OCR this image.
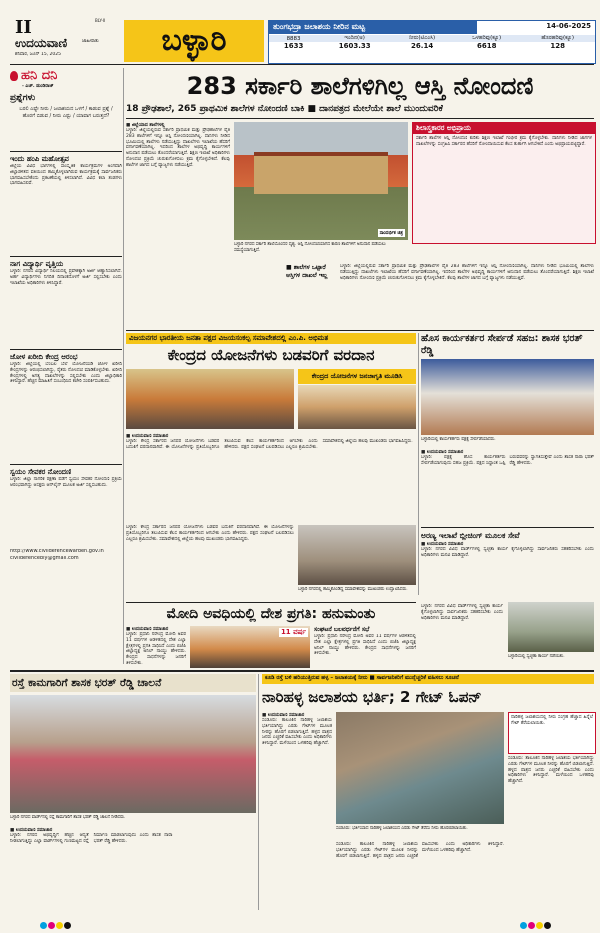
II	BLY-II
ಉದಯವಾಣಿ	ಜಾಹೀರಾತು
ಶನಿವಾರ, ಜೂನ್ 15, 2025	ಬಳ್ಳಾರಿ	ತುಂಗಭದ್ರಾ ಜಲಾಶಯ ನೀರಿನ ಮಟ್ಟ	14-06-2025
8883	ಇಂದಿನ(ಅ)	ನೀರು(ಟಿಎಂಸಿ)	ಒಳಹರಿವು(ಕ್ಯೂ)	ಹೊರಹರಿವು(ಕ್ಯೂ)
1633	1603.33	26.14	6618	128
ಹನಿ ದನಿ
- ಎಚ್. ಡುಂಡಿರಾಜ್
ಪ್ರಶ್ನೆಗಳು
ಬರಲಿ ಎಷ್ಟೇ ನೀರು / ಜಲಾಶಯದ ಒಳಗೆ / ಕಾಡುವ ಪ್ರಶ್ನೆ / ಹೊರಗೆ ಬಿಡುವ / ನೀರು ಎಷ್ಟು / ಯಾವಾಗ ಬರುತ್ತದೆ?
ಇಂದು ಹಂಪಿ ಮಹೋತ್ಸವ
ಜಿಲ್ಲೆಯ ವಿವಿಧ ಭಾಗಗಳಲ್ಲಿ ಸಾಂಸ್ಕೃತಿಕ ಕಾರ್ಯಕ್ರಮಗಳ ಅಂಗವಾಗಿ ಜಿಲ್ಲಾಡಳಿತದ ವತಿಯಿಂದ ಹಮ್ಮಿಕೊಳ್ಳಲಾಗಿರುವ ಕಾರ್ಯಕ್ರಮಕ್ಕೆ ಸಾರ್ವಜನಿಕರು ಭಾಗವಹಿಸಬೇಕೆಂದು ಪ್ರಕಟಣೆಯಲ್ಲಿ ತಿಳಿಸಲಾಗಿದೆ. ವಿವಿಧ ಕಲಾ ತಂಡಗಳು ಭಾಗವಹಿಸಲಿವೆ.
ನಾಗ ವಿದ್ಯಾರ್ಥಿ ವೃತ್ತಿಯ
ಬಳ್ಳಾರಿ: ನಗರದ ವಿದ್ಯಾರ್ಥಿ ನಿಲಯದಲ್ಲಿ ಪ್ರವೇಶಕ್ಕಾಗಿ ಅರ್ಜಿ ಆಹ್ವಾನಿಸಲಾಗಿದೆ. ಅರ್ಹ ವಿದ್ಯಾರ್ಥಿಗಳು ನಿಗದಿತ ದಿನಾಂಕದೊಳಗೆ ಅರ್ಜಿ ಸಲ್ಲಿಸಬೇಕು ಎಂದು ಇಲಾಖೆಯ ಅಧಿಕಾರಿಗಳು ತಿಳಿಸಿದ್ದಾರೆ.
ಜೋಳ ಖರೀದಿ ಕೇಂದ್ರ ಆರಂಭ
ಬಳ್ಳಾರಿ: ಜಿಲ್ಲೆಯಲ್ಲಿ ಬೆಂಬಲ ಬೆಲೆ ಯೋಜನೆಯಡಿ ಜೋಳ ಖರೀದಿ ಕೇಂದ್ರಗಳನ್ನು ಆರಂಭಿಸಲಾಗಿದ್ದು, ರೈತರು ನೋಂದಣಿ ಮಾಡಿಕೊಳ್ಳಬೇಕು. ಖರೀದಿ ಕೇಂದ್ರಗಳಲ್ಲಿ ಅಗತ್ಯ ದಾಖಲೆಗಳನ್ನು ಸಲ್ಲಿಸಬೇಕು ಎಂದು ಜಿಲ್ಲಾಧಿಕಾರಿ ತಿಳಿಸಿದ್ದಾರೆ. ಹೆಚ್ಚಿನ ಮಾಹಿತಿಗೆ ಸಂಬಂಧಿಸಿದ ಕಚೇರಿ ಸಂಪರ್ಕಿಸಬಹುದು.
ಸ್ವಯಂ ಸೇವಕರ ನೋಂದಣಿ
ಬಳ್ಳಾರಿ: ಜಿಲ್ಲಾ ನಾಗರಿಕ ರಕ್ಷಣಾ ಪಡೆಗೆ ಸ್ವಯಂ ಸೇವಕರ ನೋಂದಣಿ ಪ್ರಕ್ರಿಯೆ ಆರಂಭವಾಗಿದ್ದು ಆಸಕ್ತರು ಆನ್‌ಲೈನ್ ಮೂಲಕ ಅರ್ಜಿ ಸಲ್ಲಿಸಬಹುದು.
http://www.civildefencewarden.gov.in
civildefencebly@gmail.com
283 ಸರ್ಕಾರಿ ಶಾಲೆಗಳಿಗಿಲ್ಲ ಆಸ್ತಿ ನೋಂದಣಿ
18 ಪ್ರೌಢಶಾಲೆ, 265 ಪ್ರಾಥಮಿಕ ಶಾಲೆಗಳ ನೋಂದಣಿ ಬಾಕಿ ■ ದಾನಪತ್ರದ ಮೇಲೆಯೇ ಶಾಲೆ ಮುಂದುವರಿಕೆ
■ ಜಿಲ್ಲೆಯಾದ ಶಾಲೆಗಳಲ್ಲಿ
ಬಳ್ಳಾರಿ: ಜಿಲ್ಲೆಯಲ್ಲಿರುವ ಸರ್ಕಾರಿ ಪ್ರಾಥಮಿಕ ಮತ್ತು ಪ್ರೌಢಶಾಲೆಗಳ ಪೈಕಿ 283 ಶಾಲೆಗಳಿಗೆ ಇನ್ನೂ ಆಸ್ತಿ ನೋಂದಣಿಯಾಗಿಲ್ಲ. ದಾನಿಗಳು ನೀಡಿದ ಭೂಮಿಯಲ್ಲಿ ಶಾಲೆಗಳು ನಡೆಯುತ್ತಿದ್ದು ದಾಖಲೆಗಳು ಇಲಾಖೆಯ ಹೆಸರಿಗೆ ವರ್ಗಾವಣೆಯಾಗಿಲ್ಲ. ಇದರಿಂದ ಶಾಲೆಗಳ ಅಭಿವೃದ್ಧಿ ಕಾರ್ಯಗಳಿಗೆ ಅನುದಾನ ಪಡೆಯಲು ತೊಂದರೆಯಾಗುತ್ತಿದೆ. ಶಿಕ್ಷಣ ಇಲಾಖೆ ಅಧಿಕಾರಿಗಳು ನೋಂದಣಿ ಪ್ರಕ್ರಿಯೆ ಚುರುಕುಗೊಳಿಸಲು ಕ್ರಮ ಕೈಗೊಳ್ಳಬೇಕಿದೆ. ಕೆಲವು ಶಾಲೆಗಳ ಜಾಗದ ಬಗ್ಗೆ ವ್ಯಾಜ್ಯಗಳು ನಡೆಯುತ್ತಿವೆ.
ಸಾಂದರ್ಭಿಕ ಚಿತ್ರ
ಬಳ್ಳಾರಿ ನಗರದ ಸರ್ಕಾರಿ ಶಾಲೆಯೊಂದರ ದೃಶ್ಯ. ಆಸ್ತಿ ನೋಂದಣಿಯಾಗದ ಕಾರಣ ಶಾಲೆಗಳಿಗೆ ಅನುದಾನ ಪಡೆಯಲು ಸಮಸ್ಯೆಯಾಗುತ್ತಿದೆ.
ಶಿಲಾಸ್ತ್ರಕಾರರ ಅಭಿಪ್ರಾಯ
ಸರ್ಕಾರಿ ಶಾಲೆಗಳ ಆಸ್ತಿ ನೋಂದಣಿ ಕುರಿತು ಶಿಕ್ಷಣ ಇಲಾಖೆ ಗಂಭೀರ ಕ್ರಮ ಕೈಗೊಳ್ಳಬೇಕು. ದಾನಿಗಳು ನೀಡಿದ ಜಾಗಗಳ ದಾಖಲೆಗಳನ್ನು ಸಂಗ್ರಹಿಸಿ ಸರ್ಕಾರದ ಹೆಸರಿಗೆ ನೋಂದಾಯಿಸುವ ಕೆಲಸ ತುರ್ತಾಗಿ ಆಗಬೇಕಿದೆ ಎಂದು ಅಭಿಪ್ರಾಯಪಟ್ಟಿದ್ದಾರೆ.
■ ಶಾಲೆಗಳ ಒಟ್ಟಾರೆ ಆಸ್ತಿಗಳ ದಾಖಲೆ ಇಲ್ಲ
ಬಳ್ಳಾರಿ: ಜಿಲ್ಲೆಯಲ್ಲಿರುವ ಸರ್ಕಾರಿ ಪ್ರಾಥಮಿಕ ಮತ್ತು ಪ್ರೌಢಶಾಲೆಗಳ ಪೈಕಿ 283 ಶಾಲೆಗಳಿಗೆ ಇನ್ನೂ ಆಸ್ತಿ ನೋಂದಣಿಯಾಗಿಲ್ಲ. ದಾನಿಗಳು ನೀಡಿದ ಭೂಮಿಯಲ್ಲಿ ಶಾಲೆಗಳು ನಡೆಯುತ್ತಿದ್ದು ದಾಖಲೆಗಳು ಇಲಾಖೆಯ ಹೆಸರಿಗೆ ವರ್ಗಾವಣೆಯಾಗಿಲ್ಲ. ಇದರಿಂದ ಶಾಲೆಗಳ ಅಭಿವೃದ್ಧಿ ಕಾರ್ಯಗಳಿಗೆ ಅನುದಾನ ಪಡೆಯಲು ತೊಂದರೆಯಾಗುತ್ತಿದೆ. ಶಿಕ್ಷಣ ಇಲಾಖೆ ಅಧಿಕಾರಿಗಳು ನೋಂದಣಿ ಪ್ರಕ್ರಿಯೆ ಚುರುಕುಗೊಳಿಸಲು ಕ್ರಮ ಕೈಗೊಳ್ಳಬೇಕಿದೆ. ಕೆಲವು ಶಾಲೆಗಳ ಜಾಗದ ಬಗ್ಗೆ ವ್ಯಾಜ್ಯಗಳು ನಡೆಯುತ್ತಿವೆ.
ವಿಜಯನಗರ ಭಾರತೀಯ ಜನತಾ ಪಕ್ಷದ ವಿಜಯಸಂಕಲ್ಪ ಸಮಾವೇಶದಲ್ಲಿ ಎಂ.ಪಿ. ಅಭಿಮತ
ಕೇಂದ್ರದ ಯೋಜನೆಗಳು ಬಡವರಿಗೆ ವರದಾನ
ಕೇಂದ್ರದ ಯೋಜನೆಗಳ ಜನಜಾಗೃತಿ ಮೂಡಿಸಿ
■ ಉದಯವಾಣಿ ಸಮಾಚಾರ
ಬಳ್ಳಾರಿ: ಕೇಂದ್ರ ಸರ್ಕಾರದ ಜನಪರ ಯೋಜನೆಗಳು ಬಡವರ ಬದುಕಿಗೆ ವರದಾನವಾಗಿವೆ. ಈ ಯೋಜನೆಗಳನ್ನು ಪ್ರತಿಯೊಬ್ಬರಿಗೂ ತಲುಪಿಸುವ ಕೆಲಸ ಕಾರ್ಯಕರ್ತರಿಂದ ಆಗಬೇಕು ಎಂದು ಹೇಳಿದರು. ಪಕ್ಷದ ಸಂಘಟನೆ ಬಲಪಡಿಸಲು ಎಲ್ಲರೂ ಶ್ರಮಿಸಬೇಕು. ಸಮಾವೇಶದಲ್ಲಿ ಜಿಲ್ಲೆಯ ಹಲವು ಮುಖಂಡರು ಭಾಗವಹಿಸಿದ್ದರು.
ಬಳ್ಳಾರಿ ನಗರದಲ್ಲಿ ಹಮ್ಮಿಕೊಂಡಿದ್ದ ಸಮಾವೇಶವನ್ನು ಮುಖಂಡರು ಉದ್ಘಾಟಿಸಿದರು.
ಬಳ್ಳಾರಿ: ಕೇಂದ್ರ ಸರ್ಕಾರದ ಜನಪರ ಯೋಜನೆಗಳು ಬಡವರ ಬದುಕಿಗೆ ವರದಾನವಾಗಿವೆ. ಈ ಯೋಜನೆಗಳನ್ನು ಪ್ರತಿಯೊಬ್ಬರಿಗೂ ತಲುಪಿಸುವ ಕೆಲಸ ಕಾರ್ಯಕರ್ತರಿಂದ ಆಗಬೇಕು ಎಂದು ಹೇಳಿದರು. ಪಕ್ಷದ ಸಂಘಟನೆ ಬಲಪಡಿಸಲು ಎಲ್ಲರೂ ಶ್ರಮಿಸಬೇಕು. ಸಮಾವೇಶದಲ್ಲಿ ಜಿಲ್ಲೆಯ ಹಲವು ಮುಖಂಡರು ಭಾಗವಹಿಸಿದ್ದರು.
ಹೊಸ ಕಾರ್ಯಕರ್ತರ ಸೇರ್ಪಡೆ ಸಹಜ: ಶಾಸಕ ಭರತ್ ರೆಡ್ಡಿ
ಬಳ್ಳಾರಿಯಲ್ಲಿ ಕಾರ್ಯಕರ್ತರು ಪಕ್ಷಕ್ಕೆ ಸೇರ್ಪಡೆಯಾದರು.
■ ಉದಯವಾಣಿ ಸಮಾಚಾರ
ಬಳ್ಳಾರಿ: ಪಕ್ಷಕ್ಕೆ ಹೊಸ ಕಾರ್ಯಕರ್ತರು ಸೇರ್ಪಡೆಯಾಗುವುದು ಸಹಜ ಪ್ರಕ್ರಿಯೆ. ಪಕ್ಷದ ಸಿದ್ಧಾಂತ ಒಪ್ಪಿ ಬರುವವರನ್ನು ಸ್ವಾಗತಿಸುತ್ತೇವೆ ಎಂದು ಶಾಸಕ ನಾರಾ ಭರತ್ ರೆಡ್ಡಿ ಹೇಳಿದರು.
ಅರಣ್ಯ ಇಲಾಖೆ ಬ್ಲೀಚಿಂಗ್ ಮೂಲಕ ಸೇವೆ
■ ಉದಯವಾಣಿ ಸಮಾಚಾರ
ಬಳ್ಳಾರಿ: ನಗರದ ವಿವಿಧ ವಾರ್ಡ್‌ಗಳಲ್ಲಿ ಸ್ವಚ್ಛತಾ ಕಾರ್ಯ ಕೈಗೊಳ್ಳಲಾಗಿದ್ದು ಸಾರ್ವಜನಿಕರು ಸಹಕರಿಸಬೇಕು ಎಂದು ಅಧಿಕಾರಿಗಳು ಮನವಿ ಮಾಡಿದ್ದಾರೆ.
ಮೋದಿ ಅವಧಿಯಲ್ಲಿ ದೇಶ ಪ್ರಗತಿ: ಹನುಮಂತು
■ ಉದಯವಾಣಿ ಸಮಾಚಾರ
ಬಳ್ಳಾರಿ: ಪ್ರಧಾನಿ ನರೇಂದ್ರ ಮೋದಿ ಅವರ 11 ವರ್ಷಗಳ ಆಡಳಿತದಲ್ಲಿ ದೇಶ ಎಲ್ಲಾ ಕ್ಷೇತ್ರಗಳಲ್ಲಿ ಪ್ರಗತಿ ಸಾಧಿಸಿದೆ ಎಂದು ಬಿಜೆಪಿ ಜಿಲ್ಲಾಧ್ಯಕ್ಷ ಅನಿಲ್ ನಾಯ್ಡು ಹೇಳಿದರು. ಕೇಂದ್ರದ ಸಾಧನೆಗಳನ್ನು ಜನರಿಗೆ ತಿಳಿಸಬೇಕು.
11 ವರ್ಷ	ಸಂಘಟನೆ ಬಲವರ್ಧನೆಗೆ ಸಭೆ
ಬಳ್ಳಾರಿ: ಪ್ರಧಾನಿ ನರೇಂದ್ರ ಮೋದಿ ಅವರ 11 ವರ್ಷಗಳ ಆಡಳಿತದಲ್ಲಿ ದೇಶ ಎಲ್ಲಾ ಕ್ಷೇತ್ರಗಳಲ್ಲಿ ಪ್ರಗತಿ ಸಾಧಿಸಿದೆ ಎಂದು ಬಿಜೆಪಿ ಜಿಲ್ಲಾಧ್ಯಕ್ಷ ಅನಿಲ್ ನಾಯ್ಡು ಹೇಳಿದರು. ಕೇಂದ್ರದ ಸಾಧನೆಗಳನ್ನು ಜನರಿಗೆ ತಿಳಿಸಬೇಕು.
ಬಳ್ಳಾರಿಯಲ್ಲಿ ಸ್ವಚ್ಛತಾ ಕಾರ್ಯ ನಡೆಯಿತು.
ಬಳ್ಳಾರಿ: ನಗರದ ವಿವಿಧ ವಾರ್ಡ್‌ಗಳಲ್ಲಿ ಸ್ವಚ್ಛತಾ ಕಾರ್ಯ ಕೈಗೊಳ್ಳಲಾಗಿದ್ದು ಸಾರ್ವಜನಿಕರು ಸಹಕರಿಸಬೇಕು ಎಂದು ಅಧಿಕಾರಿಗಳು ಮನವಿ ಮಾಡಿದ್ದಾರೆ.
ರಸ್ತೆ ಕಾಮಗಾರಿಗೆ ಶಾಸಕ ಭರತ್ ರೆಡ್ಡಿ ಚಾಲನೆ
ಬಳ್ಳಾರಿ ನಗರದ ವಾರ್ಡ್‌ನಲ್ಲಿ ರಸ್ತೆ ಕಾಮಗಾರಿಗೆ ಶಾಸಕ ಭರತ್ ರೆಡ್ಡಿ ಚಾಲನೆ ನೀಡಿದರು.
■ ಉದಯವಾಣಿ ಸಮಾಚಾರ
ಬಳ್ಳಾರಿ: ನಗರದ ಅಭಿವೃದ್ಧಿಗೆ ಹೆಚ್ಚಿನ ಆದ್ಯತೆ ನೀಡಲಾಗುತ್ತಿದ್ದು ಎಲ್ಲಾ ವಾರ್ಡ್‌ಗಳಲ್ಲಿ ಗುಣಮಟ್ಟದ ರಸ್ತೆ ನಿರ್ಮಾಣ ಮಾಡಲಾಗುವುದು ಎಂದು ಶಾಸಕ ನಾರಾ ಭರತ್ ರೆಡ್ಡಿ ಹೇಳಿದರು.
ಕೂಡಿ ರಸ್ತೆ ಬಳಿ ಹರಿಯುತ್ತಿರುವ ಹಳ್ಳ – ಜಲಾಶಯಕ್ಕೆ ನೀರು ■ ಸಾರ್ವಜನಿಕರಿಗೆ ಮುನ್ನೆಚ್ಚರಿಕೆ ವಹಿಸಲು ಸೂಚನೆ
ನಾರಿಹಳ್ಳ ಜಲಾಶಯ ಭರ್ತಿ; 2 ಗೇಟ್ ಓಪನ್
■ ಉದಯವಾಣಿ ಸಮಾಚಾರ
ಸಂಡೂರು: ತಾಲೂಕಿನ ನಾರಿಹಳ್ಳ ಜಲಾಶಯ ಭರ್ತಿಯಾಗಿದ್ದು ಎರಡು ಗೇಟ್‌ಗಳ ಮೂಲಕ ನೀರನ್ನು ಹೊರಗೆ ಬಿಡಲಾಗುತ್ತಿದೆ. ಹಳ್ಳದ ಪಾತ್ರದ ಜನರು ಎಚ್ಚರಿಕೆ ವಹಿಸಬೇಕು ಎಂದು ಅಧಿಕಾರಿಗಳು ತಿಳಿಸಿದ್ದಾರೆ. ಮಳೆಯಿಂದ ಒಳಹರಿವು ಹೆಚ್ಚಾಗಿದೆ.
ಸಂಡೂರು: ಭರ್ತಿಯಾದ ನಾರಿಹಳ್ಳ ಜಲಾಶಯದ ಎರಡು ಗೇಟ್ ತೆರೆದು ನೀರು ಹೊರಬಿಡಲಾಯಿತು.
ಸಂಡೂರು: ತಾಲೂಕಿನ ನಾರಿಹಳ್ಳ ಜಲಾಶಯ ಭರ್ತಿಯಾಗಿದ್ದು ಎರಡು ಗೇಟ್‌ಗಳ ಮೂಲಕ ನೀರನ್ನು ಹೊರಗೆ ಬಿಡಲಾಗುತ್ತಿದೆ. ಹಳ್ಳದ ಪಾತ್ರದ ಜನರು ಎಚ್ಚರಿಕೆ ವಹಿಸಬೇಕು ಎಂದು ಅಧಿಕಾರಿಗಳು ತಿಳಿಸಿದ್ದಾರೆ. ಮಳೆಯಿಂದ ಒಳಹರಿವು ಹೆಚ್ಚಾಗಿದೆ.
ನಾರಿಹಳ್ಳ ಜಲಾಶಯದಲ್ಲಿ ನೀರು ಸಂಗ್ರಹ ಹೆಚ್ಚಾದ ಹಿನ್ನೆಲೆ ಗೇಟ್ ತೆರೆಯಲಾಯಿತು.
ಸಂಡೂರು: ತಾಲೂಕಿನ ನಾರಿಹಳ್ಳ ಜಲಾಶಯ ಭರ್ತಿಯಾಗಿದ್ದು ಎರಡು ಗೇಟ್‌ಗಳ ಮೂಲಕ ನೀರನ್ನು ಹೊರಗೆ ಬಿಡಲಾಗುತ್ತಿದೆ. ಹಳ್ಳದ ಪಾತ್ರದ ಜನರು ಎಚ್ಚರಿಕೆ ವಹಿಸಬೇಕು ಎಂದು ಅಧಿಕಾರಿಗಳು ತಿಳಿಸಿದ್ದಾರೆ. ಮಳೆಯಿಂದ ಒಳಹರಿವು ಹೆಚ್ಚಾಗಿದೆ.
